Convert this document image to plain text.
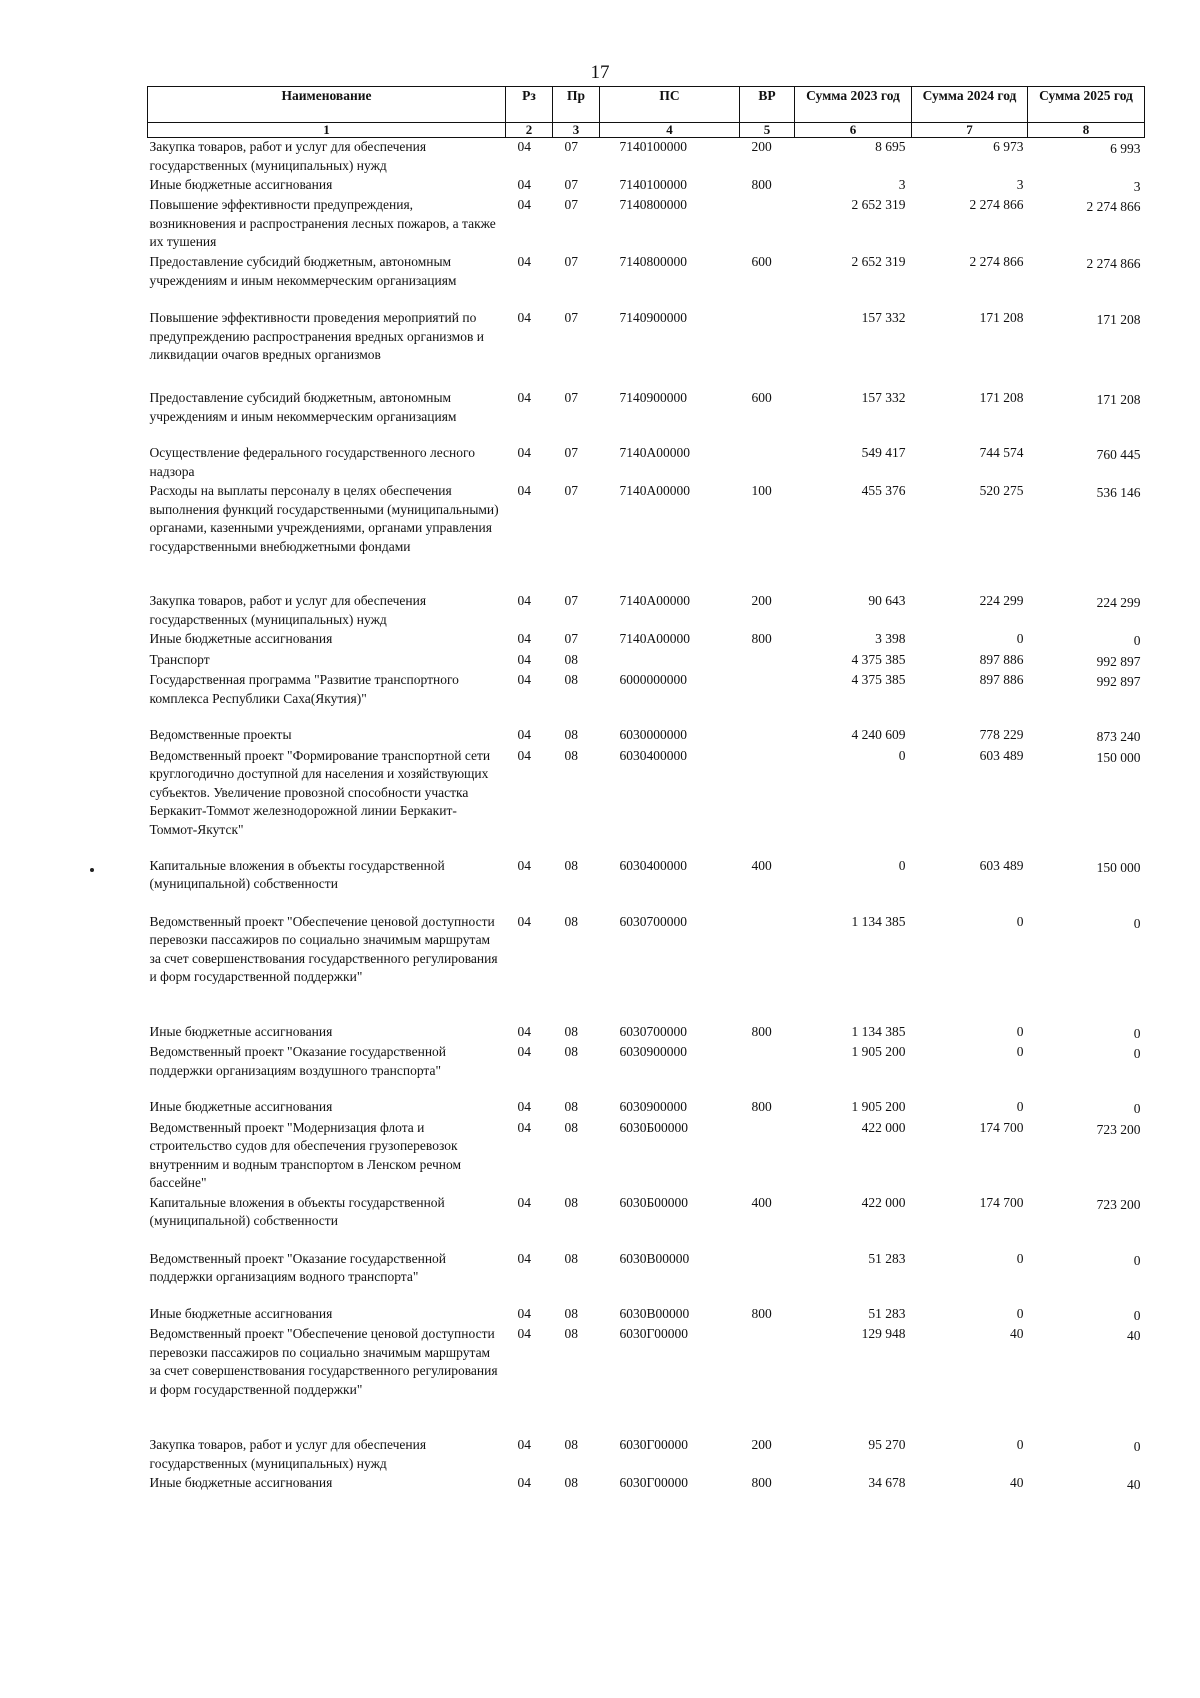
17
Наименование	Рз	Пр	ПС	ВР	Сумма 2023 год	Сумма 2024 год	Сумма 2025 год
1	2	3	4	5	6	7	8
Закупка товаров, работ и услуг для обеспечения государственных (муниципальных) нужд	04	07	7140100000	200	8 695	6 973	6 993
Иные бюджетные ассигнования	04	07	7140100000	800	3	3	3
Повышение эффективности предупреждения, возникновения и распространения лесных пожаров, а также их тушения	04	07	7140800000		2 652 319	2 274 866	2 274 866
Предоставление субсидий бюджетным, автономным учреждениям и иным некоммерческим организациям	04	07	7140800000	600	2 652 319	2 274 866	2 274 866
Повышение эффективности проведения мероприятий по предупреждению распространения вредных организмов и ликвидации очагов вредных организмов	04	07	7140900000		157 332	171 208	171 208
Предоставление субсидий бюджетным, автономным учреждениям и иным некоммерческим организациям	04	07	7140900000	600	157 332	171 208	171 208
Осуществление федерального государственного лесного надзора	04	07	7140А00000		549 417	744 574	760 445
Расходы на выплаты персоналу в целях обеспечения выполнения функций государственными (муниципальными) органами, казенными учреждениями, органами управления государственными внебюджетными фондами	04	07	7140А00000	100	455 376	520 275	536 146
Закупка товаров, работ и услуг для обеспечения государственных (муниципальных) нужд	04	07	7140А00000	200	90 643	224 299	224 299
Иные бюджетные ассигнования	04	07	7140А00000	800	3 398	0	0
Транспорт	04	08			4 375 385	897 886	992 897
Государственная программа "Развитие транспортного комплекса Республики Саха(Якутия)"	04	08	6000000000		4 375 385	897 886	992 897
Ведомственные проекты	04	08	6030000000		4 240 609	778 229	873 240
Ведомственный проект "Формирование транспортной сети круглогодично доступной для населения и хозяйствующих субъектов. Увеличение провозной способности участка Беркакит-Томмот железнодорожной линии Беркакит-Томмот-Якутск"	04	08	6030400000		0	603 489	150 000
Капитальные вложения в объекты государственной (муниципальной) собственности	04	08	6030400000	400	0	603 489	150 000
Ведомственный проект "Обеспечение ценовой доступности перевозки пассажиров по социально значимым маршрутам за счет совершенствования государственного регулирования и форм государственной поддержки"	04	08	6030700000		1 134 385	0	0
Иные бюджетные ассигнования	04	08	6030700000	800	1 134 385	0	0
Ведомственный проект "Оказание государственной поддержки организациям воздушного транспорта"	04	08	6030900000		1 905 200	0	0
Иные бюджетные ассигнования	04	08	6030900000	800	1 905 200	0	0
Ведомственный проект "Модернизация флота и строительство судов для обеспечения грузоперевозок внутренним и водным транспортом в Ленском речном бассейне"	04	08	6030Б00000		422 000	174 700	723 200
Капитальные вложения в объекты государственной (муниципальной) собственности	04	08	6030Б00000	400	422 000	174 700	723 200
Ведомственный проект "Оказание государственной поддержки организациям водного транспорта"	04	08	6030В00000		51 283	0	0
Иные бюджетные ассигнования	04	08	6030В00000	800	51 283	0	0
Ведомственный проект "Обеспечение ценовой доступности перевозки пассажиров по социально значимым маршрутам за счет совершенствования государственного регулирования и форм государственной поддержки"	04	08	6030Г00000		129 948	40	40
Закупка товаров, работ и услуг для обеспечения государственных (муниципальных) нужд	04	08	6030Г00000	200	95 270	0	0
Иные бюджетные ассигнования	04	08	6030Г00000	800	34 678	40	40
